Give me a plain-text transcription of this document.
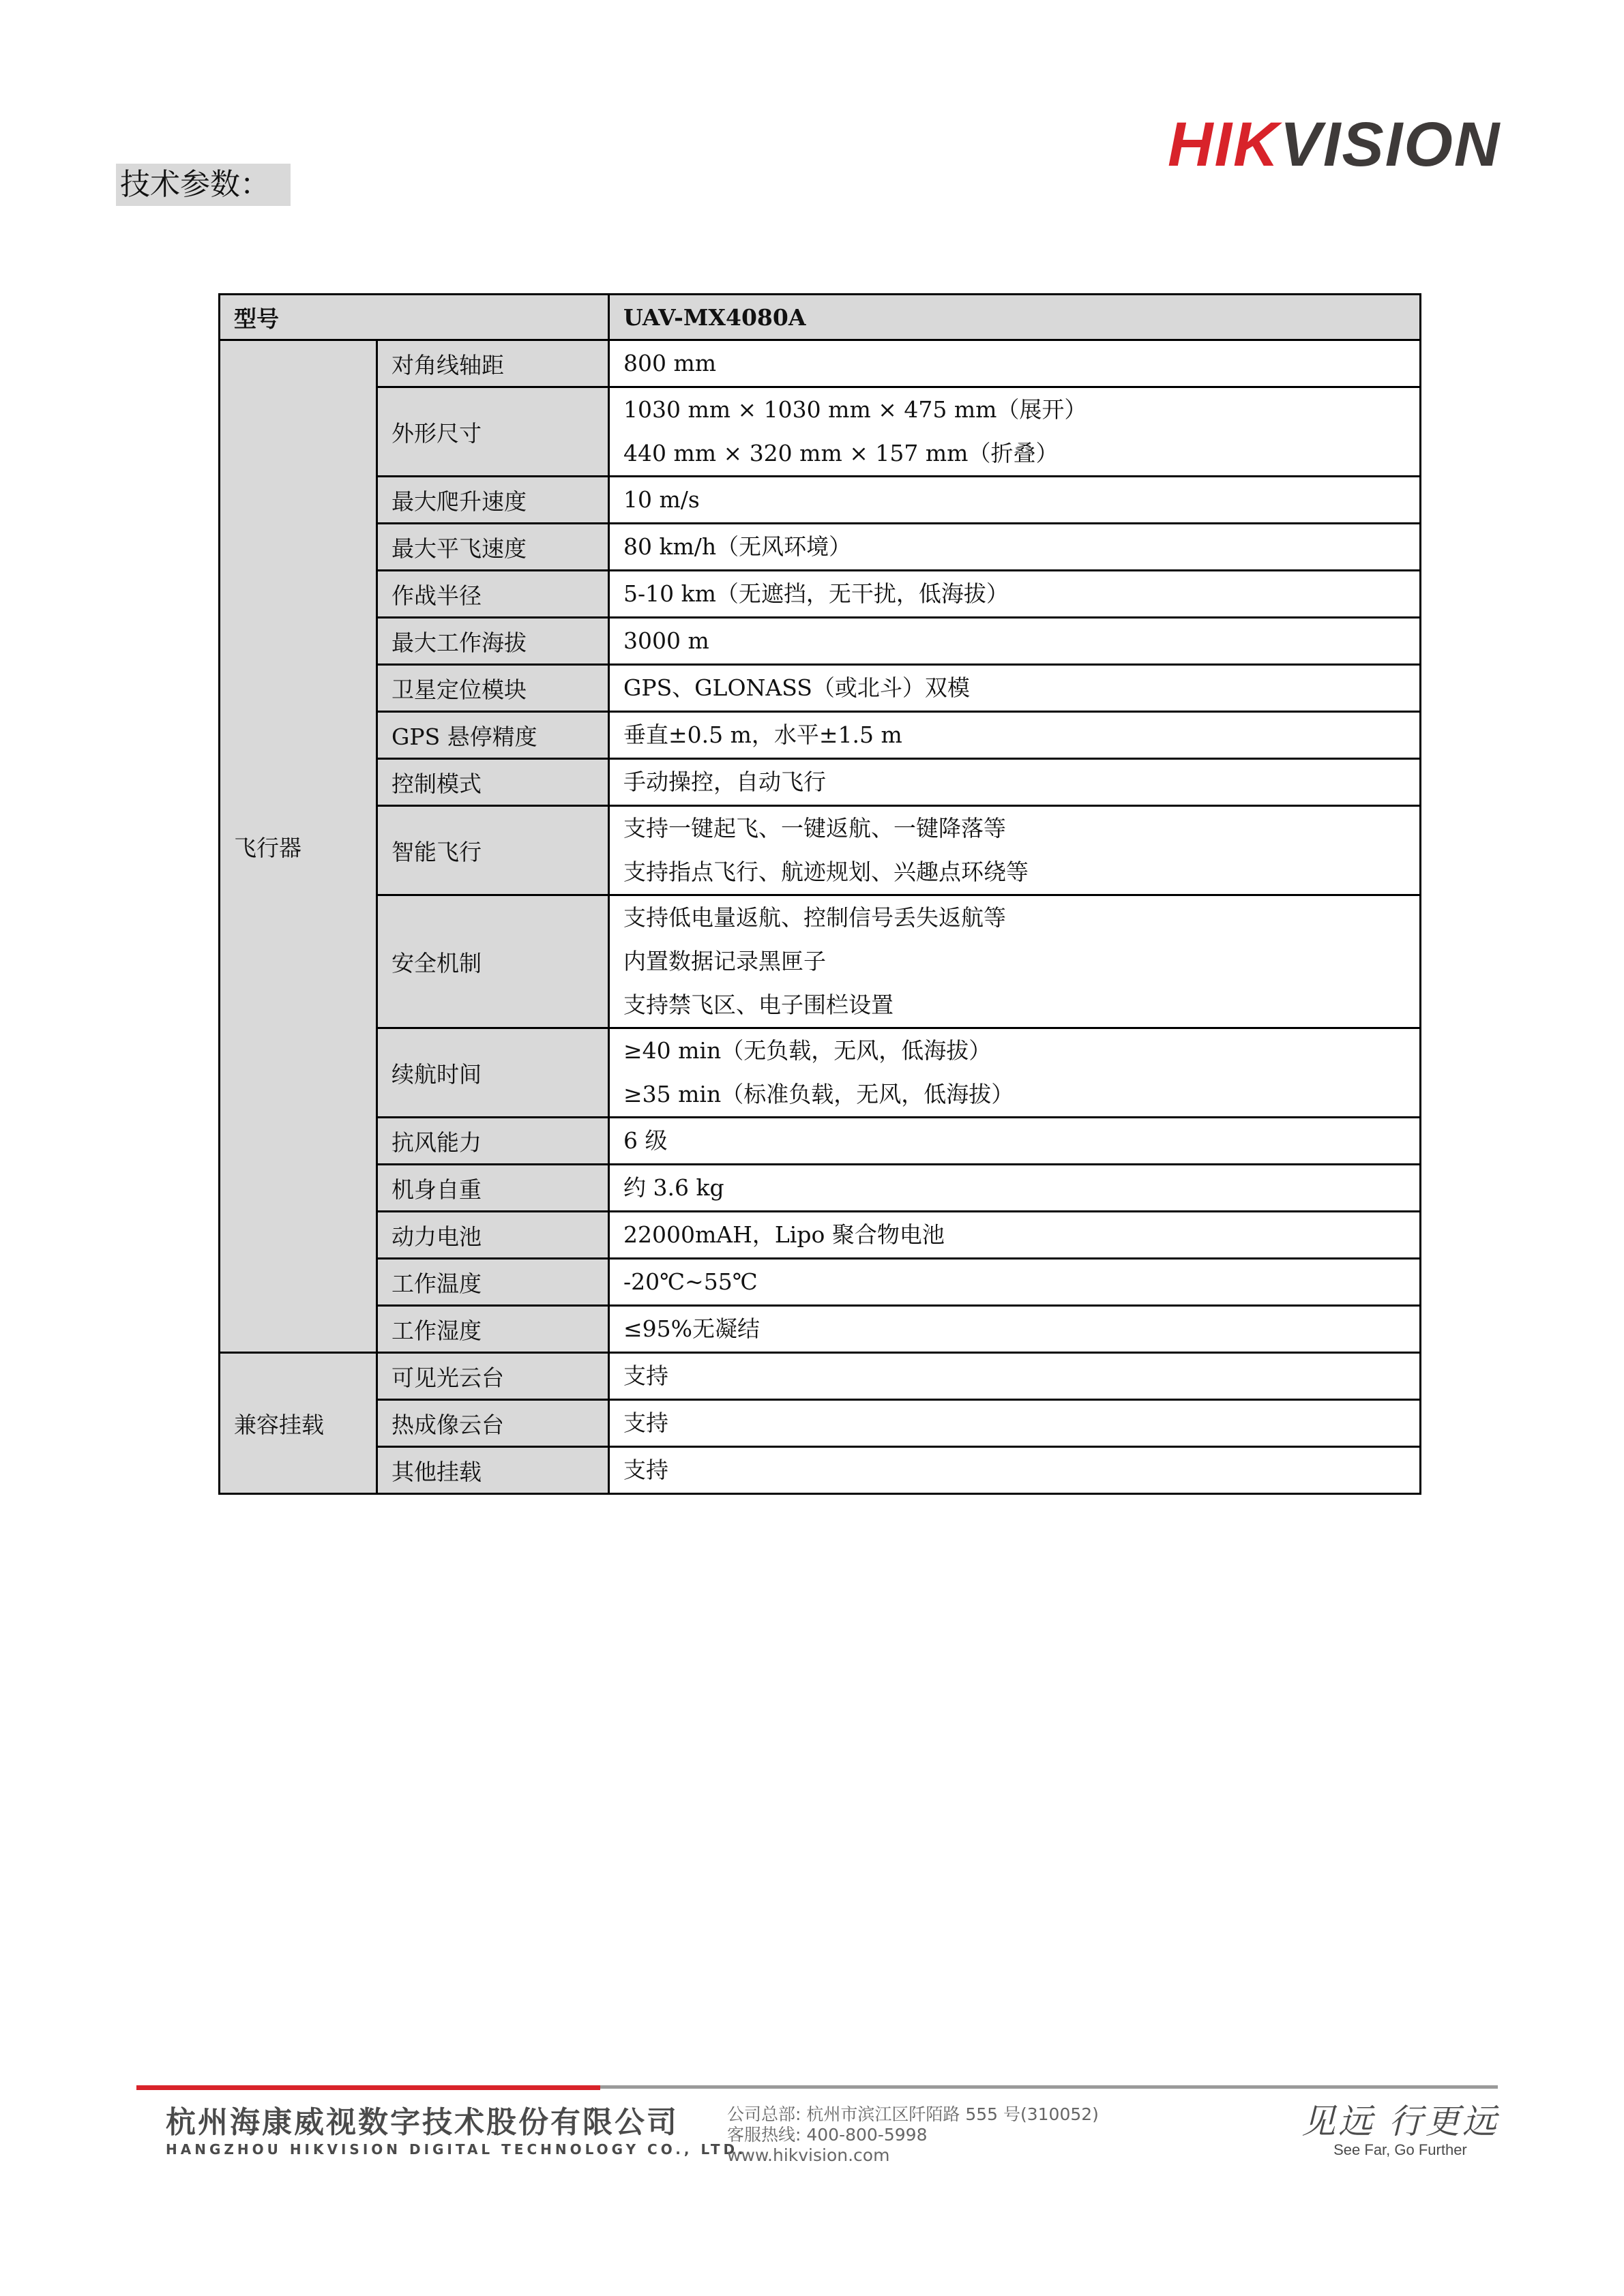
HIKVISION
技术参数：
型号		UAV-MX4080A
飞行器	对角线轴距	800 mm

	外形尺寸	1030 mm × 1030 mm × 475 mm（展开）
440 mm × 320 mm × 157 mm（折叠）

	最大爬升速度	10 m/s

	最大平飞速度	80 km/h（无风环境）

	作战半径	5-10 km（无遮挡，无干扰，低海拔）

	最大工作海拔	3000 m

	卫星定位模块	GPS、GLONASS（或北斗）双模

	GPS 悬停精度	垂直±0.5 m，水平±1.5 m

	控制模式	手动操控，自动飞行

	智能飞行	支持一键起飞、一键返航、一键降落等
支持指点飞行、航迹规划、兴趣点环绕等

	安全机制	支持低电量返航、控制信号丢失返航等
内置数据记录黑匣子
支持禁飞区、电子围栏设置

	续航时间	≥40 min（无负载，无风，低海拔）
≥35 min（标准负载，无风，低海拔）

	抗风能力	6 级

	机身自重	约 3.6 kg

	动力电池	22000mAH，Lipo 聚合物电池

	工作温度	-20℃~55℃

	工作湿度	≤95%无凝结

兼容挂载	可见光云台	支持

	热成像云台	支持

	其他挂载	支持
杭州海康威视数字技术股份有限公司
HANGZHOU HIKVISION DIGITAL TECHNOLOGY CO., LTD.
公司总部: 杭州市滨江区阡陌路 555 号(310052)
客服热线: 400-800-5998
www.hikvision.com
见远 行更远
See Far, Go Further
